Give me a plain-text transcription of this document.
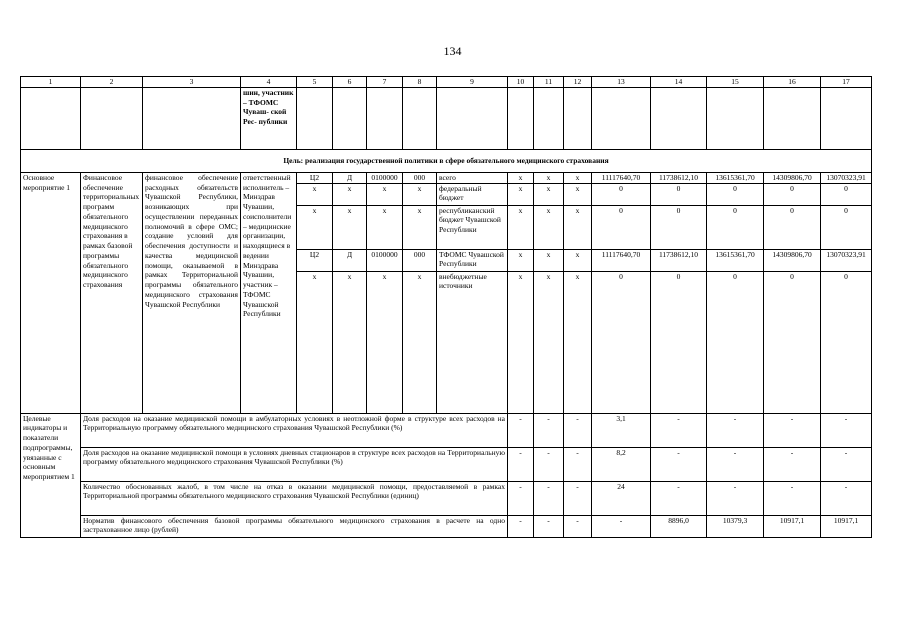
134
1	2	3	4	5	6	7	8	9	10	11	12	13	14	15	16	17
			шин, участник – ТФОМС Чуваш- ской Рес- публики													
Цель: реализация государственной политики в сфере обязательного медицинского страхования																
Основное мероприятие 1	Финансовое обеспечение территориальных программ обязательного медицинского страхования в рамках базовой программы обязательного медицинского страхования	финансовое обеспечение расходных обязательств Чувашской Республики, возникающих при осуществлении переданных полномочий в сфере ОМС; создание условий для обеспечения доступности и качества медицинской помощи, оказываемой в рамках Территориальной программы обязательного медицинского страхования Чувашской Республики	ответственный исполнитель – Минздрав Чувашии, соисполнители – медицинские организации, находящиеся в ведении Минздрава Чувашии, участник – ТФОМС Чувашской Республики	Ц2	Д	0100000	000	всего	x	x	x	11117640,70	11738612,10	13615361,70	14309806,70	13070323,91
				x	x	x	x	федеральный бюджет	x	x	x	0	0	0	0	0
				x	x	x	x	республиканский бюджет Чувашской Республики	x	x	x	0	0	0	0	0
				Ц2	Д	0100000	000	ТФОМС Чувашской Республики	x	x	x	11117640,70	11738612,10	13615361,70	14309806,70	13070323,91
				x	x	x	x	внебюджетные источники	x	x	x	0	0	0	0	0
Целевые индикаторы и показатели подпрограммы, увязанные с основным мероприятием 1	Доля расходов на оказание медицинской помощи в амбулаторных условиях в неотложной форме в структуре всех расходов на Территориальную программу обязательного медицинского страхования Чувашской Республики (%)								-	-	-	3,1	-	-	-	-
	Доля расходов на оказание медицинской помощи в условиях дневных стационаров в структуре всех расходов на Территориальную программу обязательного медицинского страхования Чувашской Республики (%)								-	-	-	8,2	-	-	-	-
	Количество обоснованных жалоб, в том числе на отказ в оказании медицинской помощи, предоставляемой в рамках Территориальной программы обязательного медицинского страхования Чувашской Республики (единиц)								-	-	-	24	-	-	-	-
	Норматив финансового обеспечения базовой программы обязательного медицинского страхования в расчете на одно застрахованное лицо (рублей)								-	-	-	-	8896,0	10379,3	10917,1	10917,1
